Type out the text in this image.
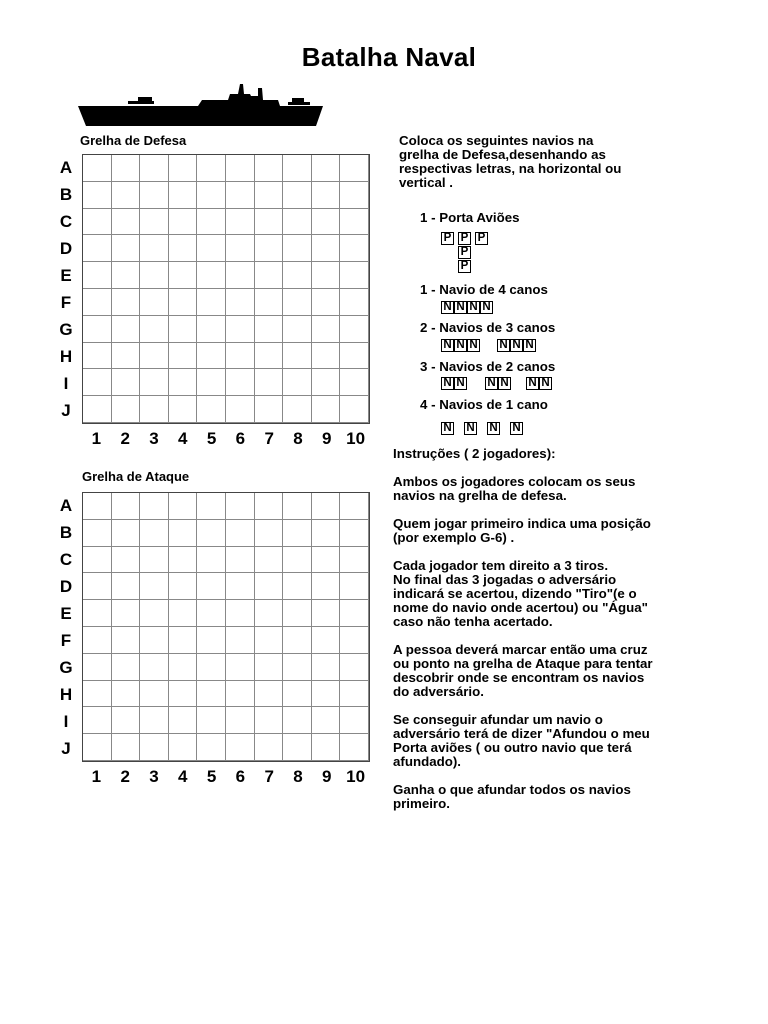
Batalha Naval
Grelha de Defesa
A
B
C
D
E
F
G
H
I
J
1	2	3	4	5	6	7	8	9 10
Grelha de Ataque
A
B
C
D
E
F
G
H
I
J
1	2	3	4	5	6	7	8	9 10

Coloca os seguintes navios na

grelha de Defesa,desenhando as

respectivas letras, na horizontal ou

vertical .

1 - Porta Aviões
1 - Navio de 4 canos
2 - Navios de 3 canos
3 - Navios de 2 canos
4 - Navios de 1 cano
P P P
P
P
N N N N
N N N N N N
N N N N N N
N N N N
Instruções ( 2 jogadores):
Ambos os jogadores colocam os seus
navios na grelha de defesa.
Quem jogar primeiro indica uma posição
(por exemplo G-6) .
Cada jogador tem direito a 3 tiros.
No final das 3 jogadas o adversário
indicará se acertou, dizendo "Tiro"(e o
nome do navio onde acertou) ou "Água"
caso não tenha acertado.
A pessoa deverá marcar então uma cruz
ou ponto na grelha de Ataque para tentar
descobrir onde se encontram os navios
do adversário.
Se conseguir afundar um navio o
adversário terá de dizer "Afundou o meu
Porta aviões ( ou outro navio que terá
afundado).
Ganha o que afundar todos os navios
primeiro.
